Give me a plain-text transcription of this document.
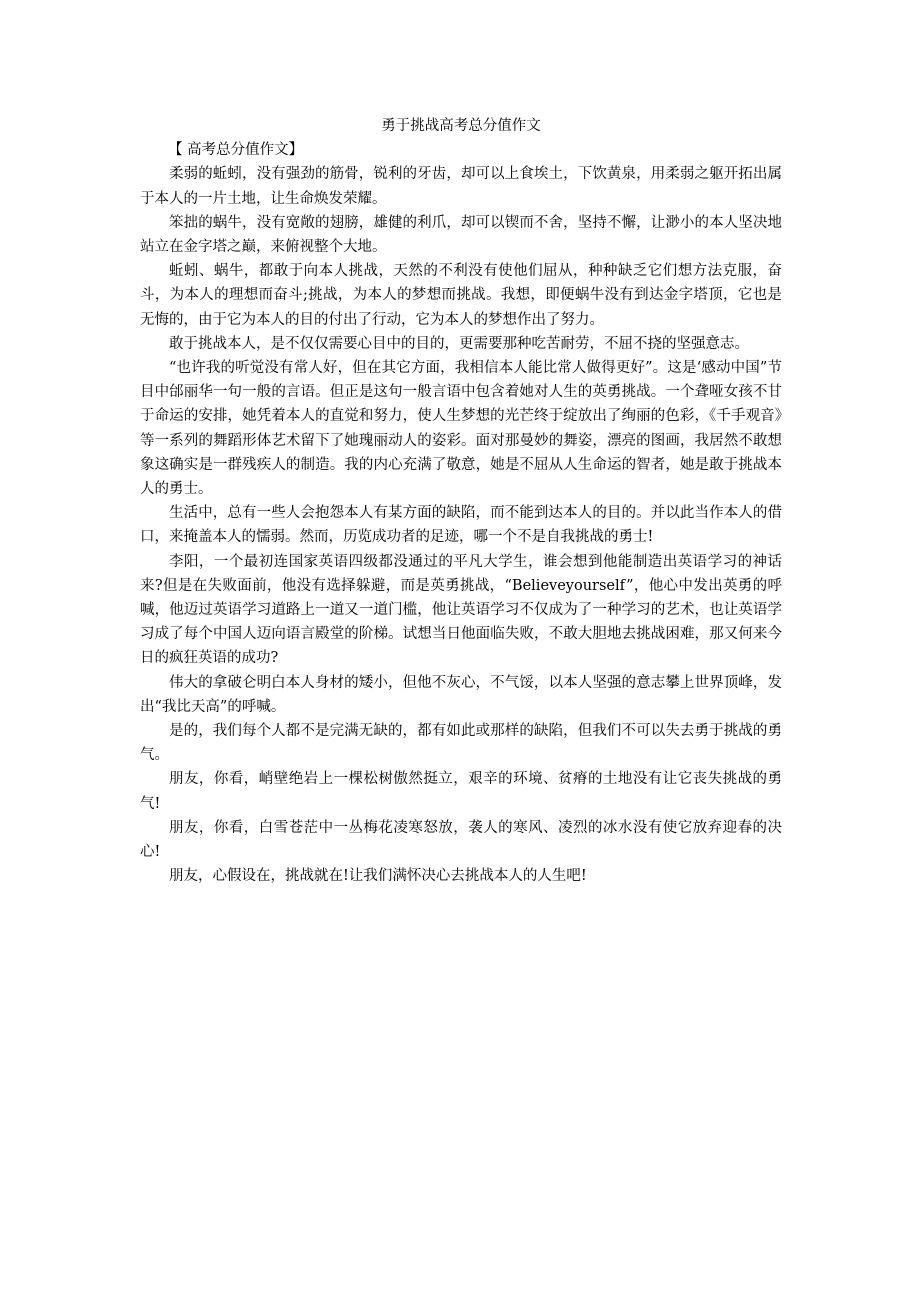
勇于挑战高考总分值作文

【 高考总分值作文】

柔弱的蚯蚓，没有强劲的筋骨，锐利的牙齿，却可以上食埃土，下饮黄泉，用柔弱之躯开拓出属于本人的一片土地，让生命焕发荣耀。

笨拙的蜗牛，没有宽敞的翅膀，雄健的利爪，却可以锲而不舍，坚持不懈，让渺小的本人坚决地站立在金字塔之巅，来俯视整个大地。

蚯蚓、蜗牛，都敢于向本人挑战，天然的不利没有使他们屈从，种种缺乏它们想方法克服，奋斗，为本人的理想而奋斗;挑战，为本人的梦想而挑战。我想，即便蜗牛没有到达金字塔顶，它也是无悔的，由于它为本人的目的付出了行动，它为本人的梦想作出了努力。

敢于挑战本人，是不仅仅需要心目中的目的，更需要那种吃苦耐劳，不屈不挠的坚强意志。

“也许我的听觉没有常人好，但在其它方面，我相信本人能比常人做得更好”。这是‘感动中国”节目中邰丽华一句一般的言语。但正是这句一般言语中包含着她对人生的英勇挑战。一个聋哑女孩不甘于命运的安排，她凭着本人的直觉和努力，使人生梦想的光芒终于绽放出了绚丽的色彩，《千手观音》等一系列的舞蹈形体艺术留下了她瑰丽动人的姿彩。面对那曼妙的舞姿，漂亮的图画，我居然不敢想象这确实是一群残疾人的制造。我的内心充满了敬意，她是不屈从人生命运的智者，她是敢于挑战本人的勇士。

生活中，总有一些人会抱怨本人有某方面的缺陷，而不能到达本人的目的。并以此当作本人的借口，来掩盖本人的懦弱。然而，历览成功者的足迹，哪一个不是自我挑战的勇士!

李阳，一个最初连国家英语四级都没通过的平凡大学生，谁会想到他能制造出英语学习的神话来?但是在失败面前，他没有选择躲避，而是英勇挑战，“Believeyourself”，他心中发出英勇的呼喊，他迈过英语学习道路上一道又一道门槛，他让英语学习不仅成为了一种学习的艺术，也让英语学习成了每个中国人迈向语言殿堂的阶梯。试想当日他面临失败，不敢大胆地去挑战困难，那又何来今日的疯狂英语的成功?

伟大的拿破仑明白本人身材的矮小，但他不灰心，不气馁，以本人坚强的意志攀上世界顶峰，发出“我比天高”的呼喊。

是的，我们每个人都不是完满无缺的，都有如此或那样的缺陷，但我们不可以失去勇于挑战的勇气。

朋友，你看，峭壁绝岩上一棵松树傲然挺立，艰辛的环境、贫瘠的土地没有让它丧失挑战的勇气!

朋友，你看，白雪苍茫中一丛梅花凌寒怒放，袭人的寒风、凌烈的冰水没有使它放弃迎春的决心!

朋友，心假设在，挑战就在!让我们满怀决心去挑战本人的人生吧!
